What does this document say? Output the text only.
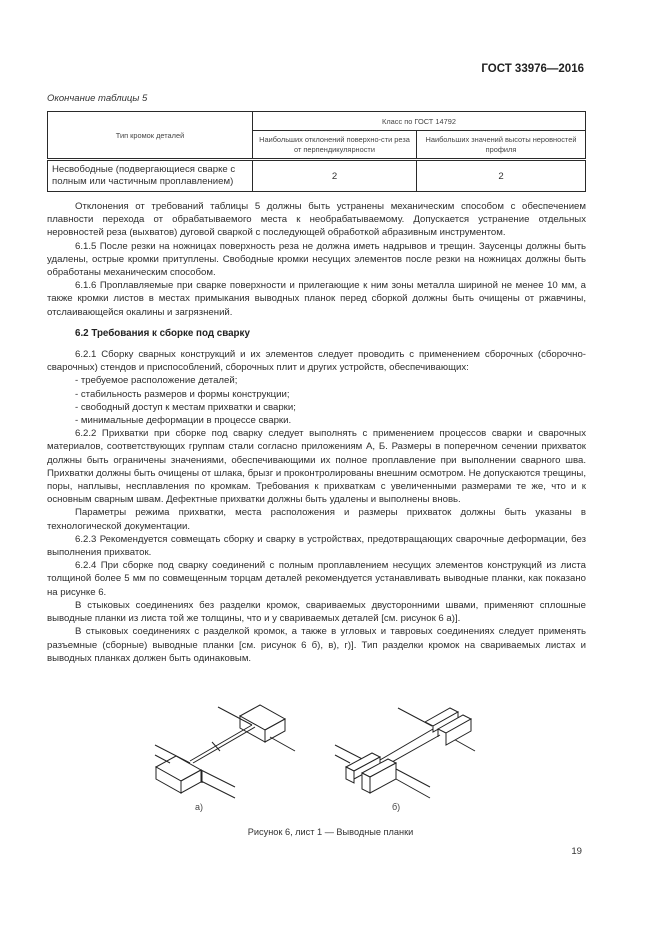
ГОСТ 33976—2016
Окончание таблицы 5
Тип кромок деталей	Класс по ГОСТ 14792	
	Наибольших отклонений поверхно-сти реза от перпендикулярности	Наибольших значений высоты неровностей профиля
Несвободные (подвергающиеся сварке с полным или частичным проплавлением)	2	2

Отклонения от требований таблицы 5 должны быть устранены механическим способом с обеспечением плавности перехода от обрабатываемого места к необрабатываемому. Допускается устранение отдельных неровностей реза (выхватов) дуговой сваркой с последующей обработкой абразивным инструментом.

6.1.5 После резки на ножницах поверхность реза не должна иметь надрывов и трещин. Заусенцы должны быть удалены, острые кромки притуплены. Свободные кромки несущих элементов после резки на ножницах должны быть обработаны механическим способом.

6.1.6 Проплавляемые при сварке поверхности и прилегающие к ним зоны металла шириной не менее 10 мм, а также кромки листов в местах примыкания выводных планок перед сборкой должны быть очищены от ржавчины, отслаивающейся окалины и загрязнений.

6.2 Требования к сборке под сварку

6.2.1 Сборку сварных конструкций и их элементов следует проводить с применением сборочных (сборочно-сварочных) стендов и приспособлений, сборочных плит и других устройств, обеспечивающих:

- требуемое расположение деталей;

- стабильность размеров и формы конструкции;

- свободный доступ к местам прихватки и сварки;

- минимальные деформации в процессе сварки.

6.2.2 Прихватки при сборке под сварку следует выполнять с применением процессов сварки и сварочных материалов, соответствующих группам стали согласно приложениям А, Б. Размеры в поперечном сечении прихваток должны быть ограничены значениями, обеспечивающими их полное проплавление при выполнении сварного шва. Прихватки должны быть очищены от шлака, брызг и проконтролированы внешним осмотром. Не допускаются трещины, поры, наплывы, несплавления по кромкам. Требования к прихваткам с увеличенными размерами те же, что и к основным сварным швам. Дефектные прихватки должны быть удалены и выполнены вновь.

Параметры режима прихватки, места расположения и размеры прихваток должны быть указаны в технологической документации.

6.2.3 Рекомендуется совмещать сборку и сварку в устройствах, предотвращающих сварочные деформации, без выполнения прихваток.

6.2.4 При сборке под сварку соединений с полным проплавлением несущих элементов конструкций из листа толщиной более 5 мм по совмещенным торцам деталей рекомендуется устанавливать выводные планки, как показано на рисунке 6.

В стыковых соединениях без разделки кромок, свариваемых двусторонними швами, применяют сплошные выводные планки из листа той же толщины, что и у свариваемых деталей [см. рисунок 6 а)].

В стыковых соединениях с разделкой кромок, а также в угловых и тавровых соединениях следует применять разъемные (сборные) выводные планки [см. рисунок 6 б), в), г)]. Тип разделки кромок на свариваемых листах и выводных планках должен быть одинаковым.

а)	б)
Рисунок 6, лист 1 — Выводные планки
19
